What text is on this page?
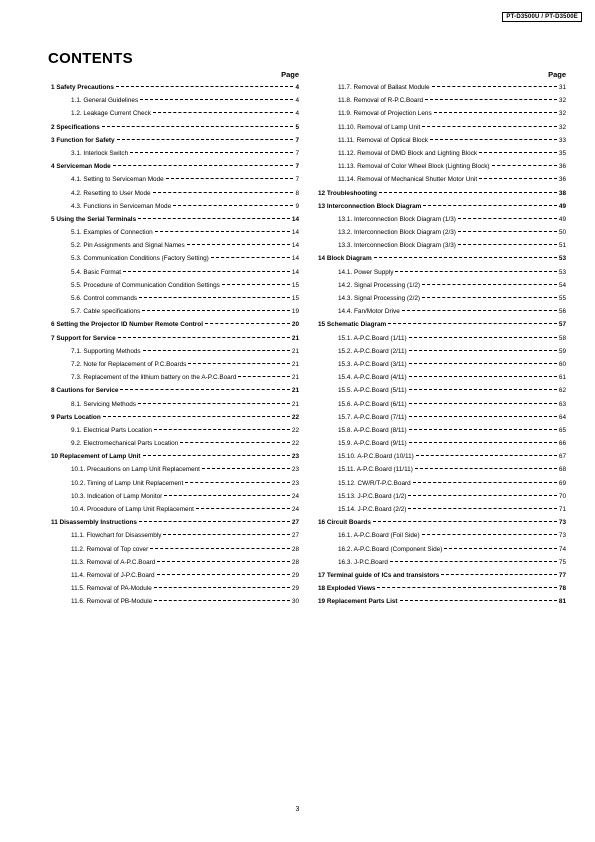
PT-D3500U / PT-D3500E
CONTENTS
Page
1 Safety Precautions	4
1.1. General Guidelines	4
1.2. Leakage Current Check	4
2 Specifications	5
3 Function for Safety	7
3.1. Interlock Switch	7
4 Serviceman Mode	7
4.1. Setting to Serviceman Mode	7
4.2. Resetting to User Mode	8
4.3. Functions in Serviceman Mode	9
5 Using the Serial Terminals	14
5.1. Examples of Connection	14
5.2. Pin Assignments and Signal Names	14
5.3. Communication Conditions (Factory Setting)	14
5.4. Basic Format	14
5.5. Procedure of Communication Condition Settings	15
5.6. Control commands	15
5.7. Cable specifications	19
6 Setting the Projector ID Number Remote Control	20
7 Support for Service	21
7.1. Supporting Methods	21
7.2. Note for Replacement of P.C.Boards	21
7.3. Replacement of the lithium battery on the A-P.C.Board	21
8 Cautions for Service	21
8.1. Servicing Methods	21
9 Parts Location	22
9.1. Electrical Parts Location	22
9.2. Electromechanical Parts Location	22
10 Replacement of Lamp Unit	23
10.1. Precautions on Lamp Unit Replacement	23
10.2. Timing of Lamp Unit Replacement	23
10.3. Indication of Lamp Monitor	24
10.4. Procedure of Lamp Unit Replacement	24
11 Disassembly Instructions	27
11.1. Flowchart for Disassembly	27
11.2. Removal of Top cover	28
11.3. Removal of A-P.C.Board	28
11.4. Removal of J-P.C.Board	29
11.5. Removal of PA-Module	29
11.6. Removal of PB-Module	30
Page
11.7. Removal of Ballast Module	31
11.8. Removal of R-P.C.Board	32
11.9. Removal of Projection Lens	32
11.10. Removal of Lamp Unit	32
11.11. Removal of Optical Block	33
11.12. Removal of DMD Block and Lighting Block	35
11.13. Removal of Color Wheel Block (Lighting Block)	36
11.14. Removal of Mechanical Shutter Motor Unit	36
12 Troubleshooting	38
13 Interconnection Block Diagram	49
13.1. Interconnection Block Diagram (1/3)	49
13.2. Interconnection Block Diagram (2/3)	50
13.3. Interconnection Block Diagram (3/3)	51
14 Block Diagram	53
14.1. Power Supply	53
14.2. Signal Processing (1/2)	54
14.3. Signal Processing (2/2)	55
14.4. Fan/Motor Drive	56
15 Schematic Diagram	57
15.1. A-P.C.Board (1/11)	58
15.2. A-P.C.Board (2/11)	59
15.3. A-P.C.Board (3/11)	60
15.4. A-P.C.Board (4/11)	61
15.5. A-P.C.Board (5/11)	62
15.6. A-P.C.Board (6/11)	63
15.7. A-P.C.Board (7/11)	64
15.8. A-P.C.Board (8/11)	65
15.9. A-P.C.Board (9/11)	66
15.10. A-P.C.Board (10/11)	67
15.11. A-P.C.Board (11/11)	68
15.12. CW/R/T-P.C.Board	69
15.13. J-P.C.Board (1/2)	70
15.14. J-P.C.Board (2/2)	71
16 Circuit Boards	73
16.1. A-P.C.Board (Foil Side)	73
16.2. A-P.C.Board (Component Side)	74
16.3. J-P.C.Board	75
17 Terminal guide of ICs and transistors	77
18 Exploded Views	78
19 Replacement Parts List	81
3
